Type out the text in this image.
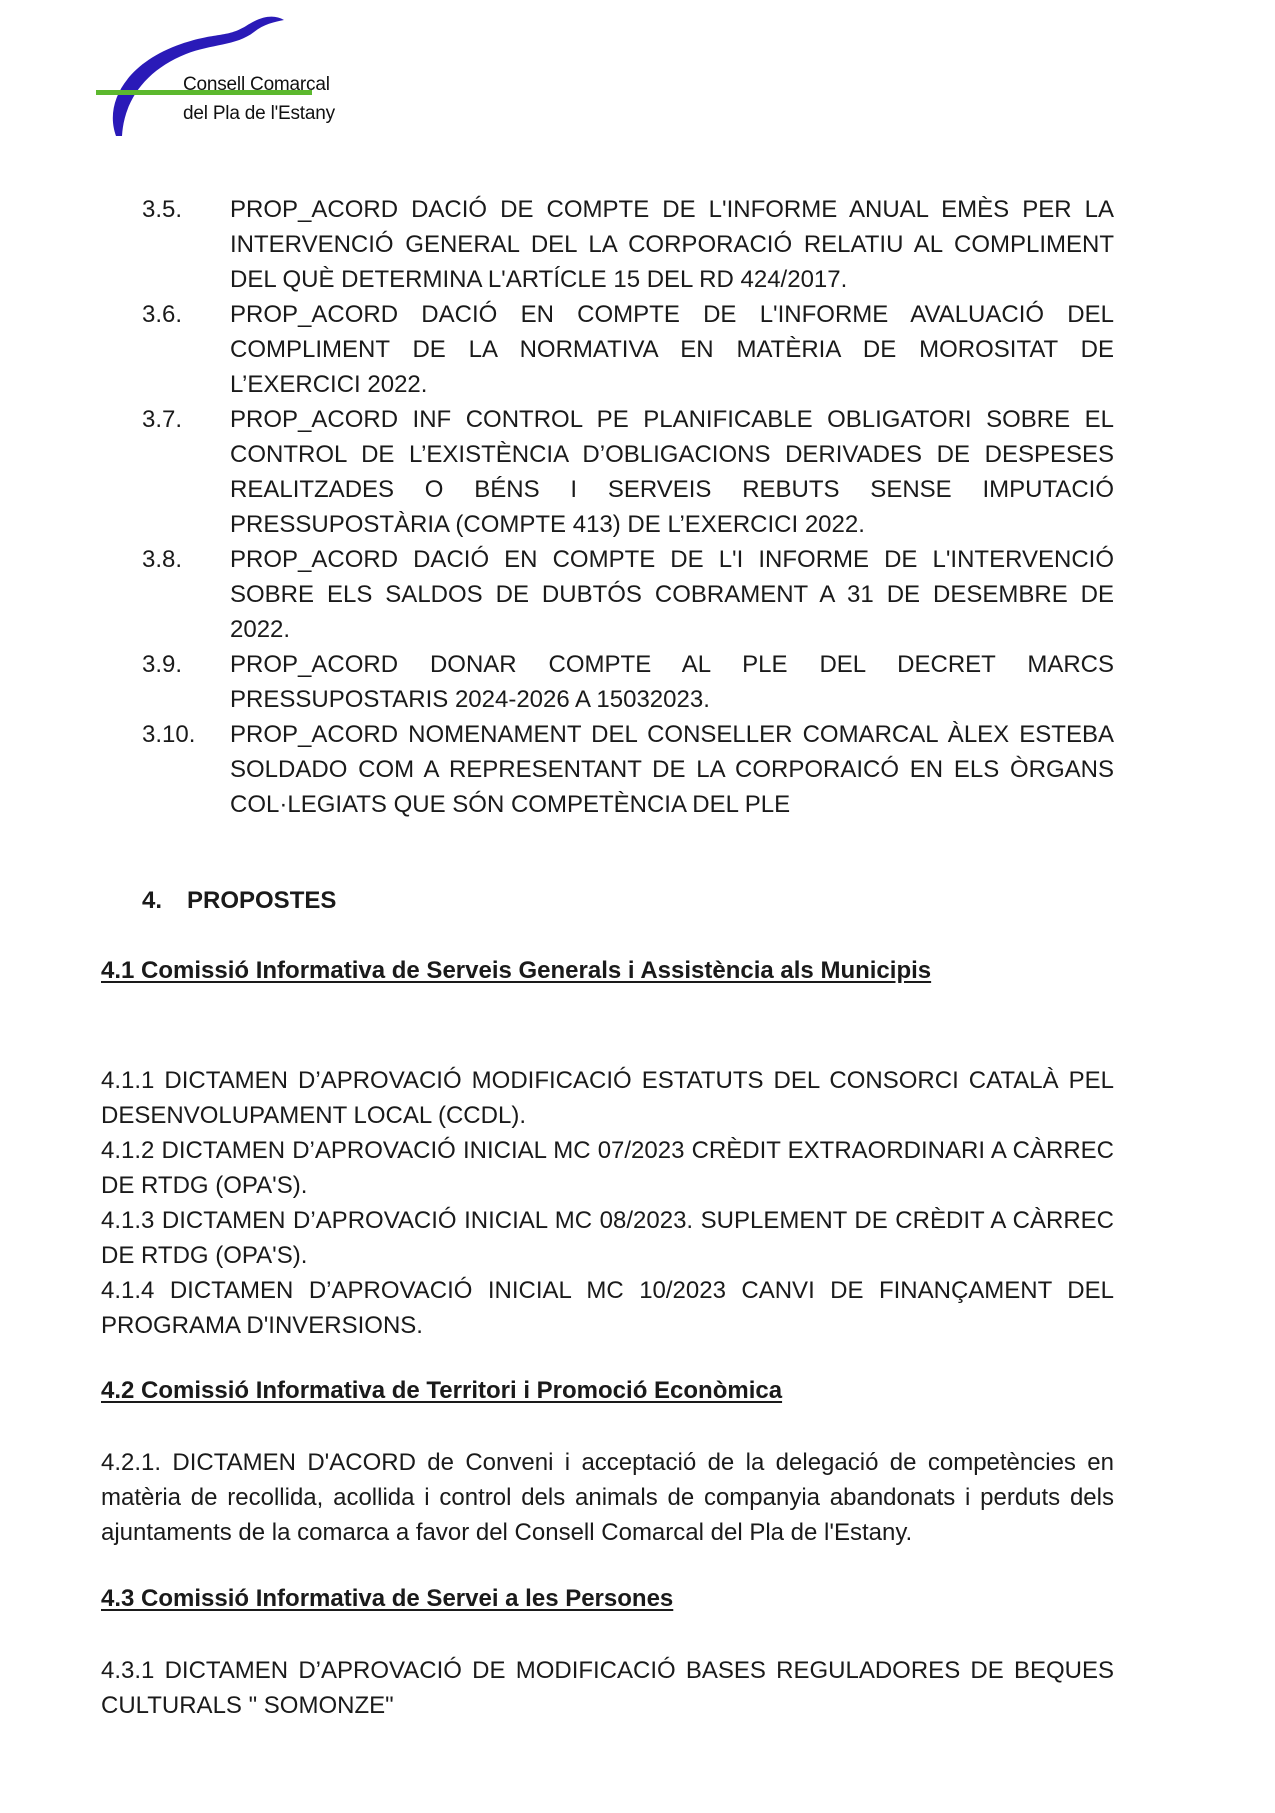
Consell Comarcal
del Pla de l'Estany
3.5.	PROP_ACORD DACIÓ DE COMPTE DE L'INFORME ANUAL EMÈS PER LA INTERVENCIÓ GENERAL DEL LA CORPORACIÓ RELATIU AL COMPLIMENT DEL QUÈ DETERMINA L'ARTÍCLE 15 DEL RD 424/2017.
3.6.	PROP_ACORD DACIÓ EN COMPTE DE L'INFORME AVALUACIÓ DEL COMPLIMENT DE LA NORMATIVA EN MATÈRIA DE MOROSITAT DE L’EXERCICI 2022.
3.7.	PROP_ACORD INF CONTROL PE PLANIFICABLE OBLIGATORI SOBRE EL CONTROL DE L’EXISTÈNCIA D’OBLIGACIONS DERIVADES DE DESPESES REALITZADES O BÉNS I SERVEIS REBUTS SENSE IMPUTACIÓ PRESSUPOSTÀRIA (COMPTE 413) DE L’EXERCICI 2022.
3.8.	PROP_ACORD DACIÓ EN COMPTE DE L'I INFORME DE L'INTERVENCIÓ SOBRE ELS SALDOS DE DUBTÓS COBRAMENT A 31 DE DESEMBRE DE 2022.
3.9.	PROP_ACORD DONAR COMPTE AL PLE DEL DECRET MARCS PRESSUPOSTARIS 2024-2026 A 15032023.
3.10.	PROP_ACORD NOMENAMENT DEL CONSELLER COMARCAL ÀLEX ESTEBA SOLDADO COM A REPRESENTANT DE LA CORPORAICÓ EN ELS ÒRGANS COL·LEGIATS QUE SÓN COMPETÈNCIA DEL PLE
4. PROPOSTES
4.1 Comissió Informativa de Serveis Generals i Assistència als Municipis

4.1.1 DICTAMEN D’APROVACIÓ MODIFICACIÓ ESTATUTS DEL CONSORCI CATALÀ PEL DESENVOLUPAMENT LOCAL (CCDL).

4.1.2 DICTAMEN D’APROVACIÓ INICIAL MC 07/2023 CRÈDIT EXTRAORDINARI A CÀRREC DE RTDG (OPA'S).

4.1.3 DICTAMEN D’APROVACIÓ INICIAL MC 08/2023. SUPLEMENT DE CRÈDIT A CÀRREC DE RTDG (OPA'S).

4.1.4 DICTAMEN D’APROVACIÓ INICIAL MC 10/2023 CANVI DE FINANÇAMENT DEL PROGRAMA D'INVERSIONS.

4.2 Comissió Informativa de Territori i Promoció Econòmica

4.2.1. DICTAMEN D'ACORD de Conveni i acceptació de la delegació de competències en matèria de recollida, acollida i control dels animals de companyia abandonats i perduts dels ajuntaments de la comarca a favor del Consell Comarcal del Pla de l'Estany.

4.3 Comissió Informativa de Servei a les Persones

4.3.1 DICTAMEN D’APROVACIÓ DE MODIFICACIÓ BASES REGULADORES DE BEQUES CULTURALS " SOMONZE"
